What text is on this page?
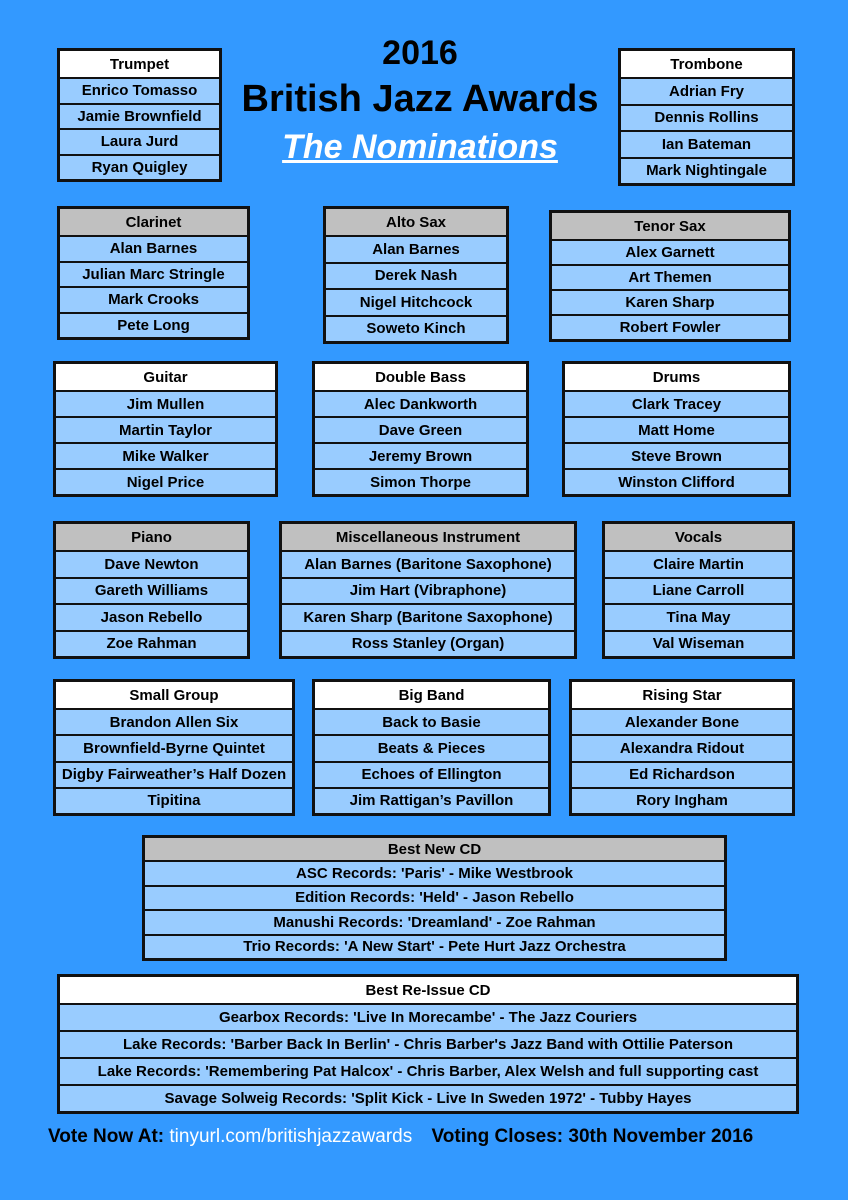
2016
British Jazz Awards
The Nominations
Trumpet
Enrico Tomasso
Jamie Brownfield
Laura Jurd
Ryan Quigley
Trombone
Adrian Fry
Dennis Rollins
Ian Bateman
Mark Nightingale
Clarinet
Alan Barnes
Julian Marc Stringle
Mark Crooks
Pete Long
Alto Sax
Alan Barnes
Derek Nash
Nigel Hitchcock
Soweto Kinch
Tenor Sax
Alex Garnett
Art Themen
Karen Sharp
Robert Fowler
Guitar
Jim Mullen
Martin Taylor
Mike Walker
Nigel Price
Double Bass
Alec Dankworth
Dave Green
Jeremy Brown
Simon Thorpe
Drums
Clark Tracey
Matt Home
Steve Brown
Winston Clifford
Piano
Dave Newton
Gareth Williams
Jason Rebello
Zoe Rahman
Miscellaneous Instrument
Alan Barnes (Baritone Saxophone)
Jim Hart (Vibraphone)
Karen Sharp (Baritone Saxophone)
Ross Stanley (Organ)
Vocals
Claire Martin
Liane Carroll
Tina May
Val Wiseman
Small Group
Brandon Allen Six
Brownfield-Byrne Quintet
Digby Fairweather’s Half Dozen
Tipitina
Big Band
Back to Basie
Beats & Pieces
Echoes of Ellington
Jim Rattigan’s Pavillon
Rising Star
Alexander Bone
Alexandra Ridout
Ed Richardson
Rory Ingham
Best New CD
ASC Records: 'Paris' - Mike Westbrook
Edition Records: 'Held' - Jason Rebello
Manushi Records: 'Dreamland' - Zoe Rahman
Trio Records: 'A New Start' - Pete Hurt Jazz Orchestra
Best Re-Issue CD
Gearbox Records: 'Live In Morecambe' - The Jazz Couriers
Lake Records: 'Barber Back In Berlin' - Chris Barber's Jazz Band with Ottilie Paterson
Lake Records: 'Remembering Pat Halcox' - Chris Barber, Alex Welsh and full supporting cast
Savage Solweig Records: 'Split Kick - Live In Sweden 1972' - Tubby Hayes
Vote Now At: tinyurl.com/britishjazzawards Voting Closes: 30th November 2016
